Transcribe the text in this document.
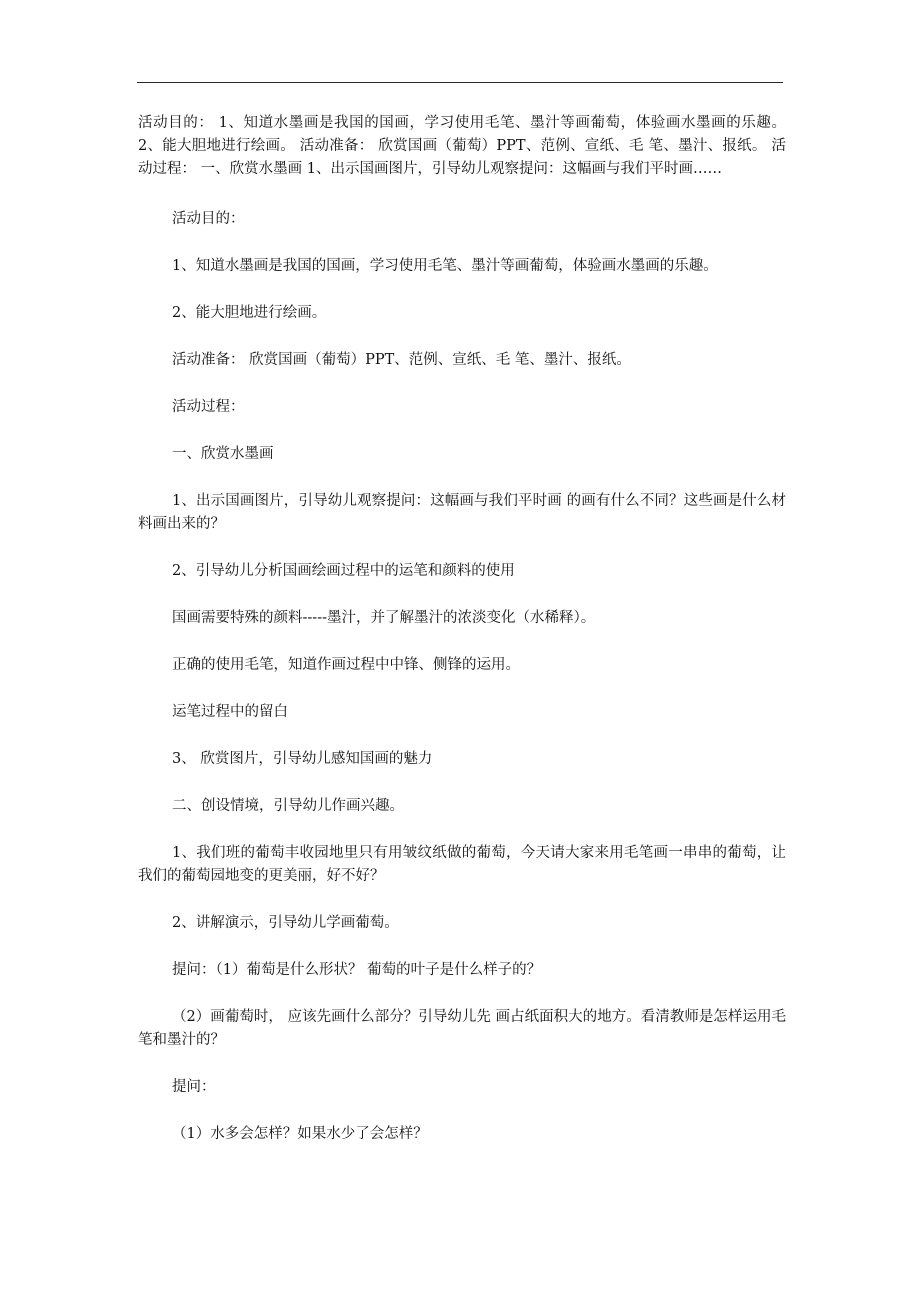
活动目的： 1、知道水墨画是我国的国画，学习使用毛笔、墨汁等画葡萄，体验画水墨画的乐趣。 2、能大胆地进行绘画。 活动准备： 欣赏国画（葡萄）PPT、范例、宣纸、毛 笔、墨汁、报纸。 活动过程： 一、欣赏水墨画 1、出示国画图片，引导幼儿观察提问：这幅画与我们平时画……

活动目的：

1、知道水墨画是我国的国画，学习使用毛笔、墨汁等画葡萄，体验画水墨画的乐趣。

2、能大胆地进行绘画。

活动准备： 欣赏国画（葡萄）PPT、范例、宣纸、毛 笔、墨汁、报纸。

活动过程：

一、欣赏水墨画

1、出示国画图片，引导幼儿观察提问：这幅画与我们平时画 的画有什么不同？这些画是什么材料画出来的？

2、引导幼儿分析国画绘画过程中的运笔和颜料的使用

国画需要特殊的颜料-----墨汁，并了解墨汁的浓淡变化（水稀释）。

正确的使用毛笔，知道作画过程中中锋、侧锋的运用。

运笔过程中的留白

3、 欣赏图片，引导幼儿感知国画的魅力

二、创设情境，引导幼儿作画兴趣。

1、我们班的葡萄丰收园地里只有用皱纹纸做的葡萄，今天请大家来用毛笔画一串串的葡萄，让我们的葡萄园地变的更美丽，好不好？

2、讲解演示，引导幼儿学画葡萄。

提问：（1）葡萄是什么形状？ 葡萄的叶子是什么样子的？

（2）画葡萄时， 应该先画什么部分？引导幼儿先 画占纸面积大的地方。看清教师是怎样运用毛笔和墨汁的？

提问：

（1）水多会怎样？如果水少了会怎样？
